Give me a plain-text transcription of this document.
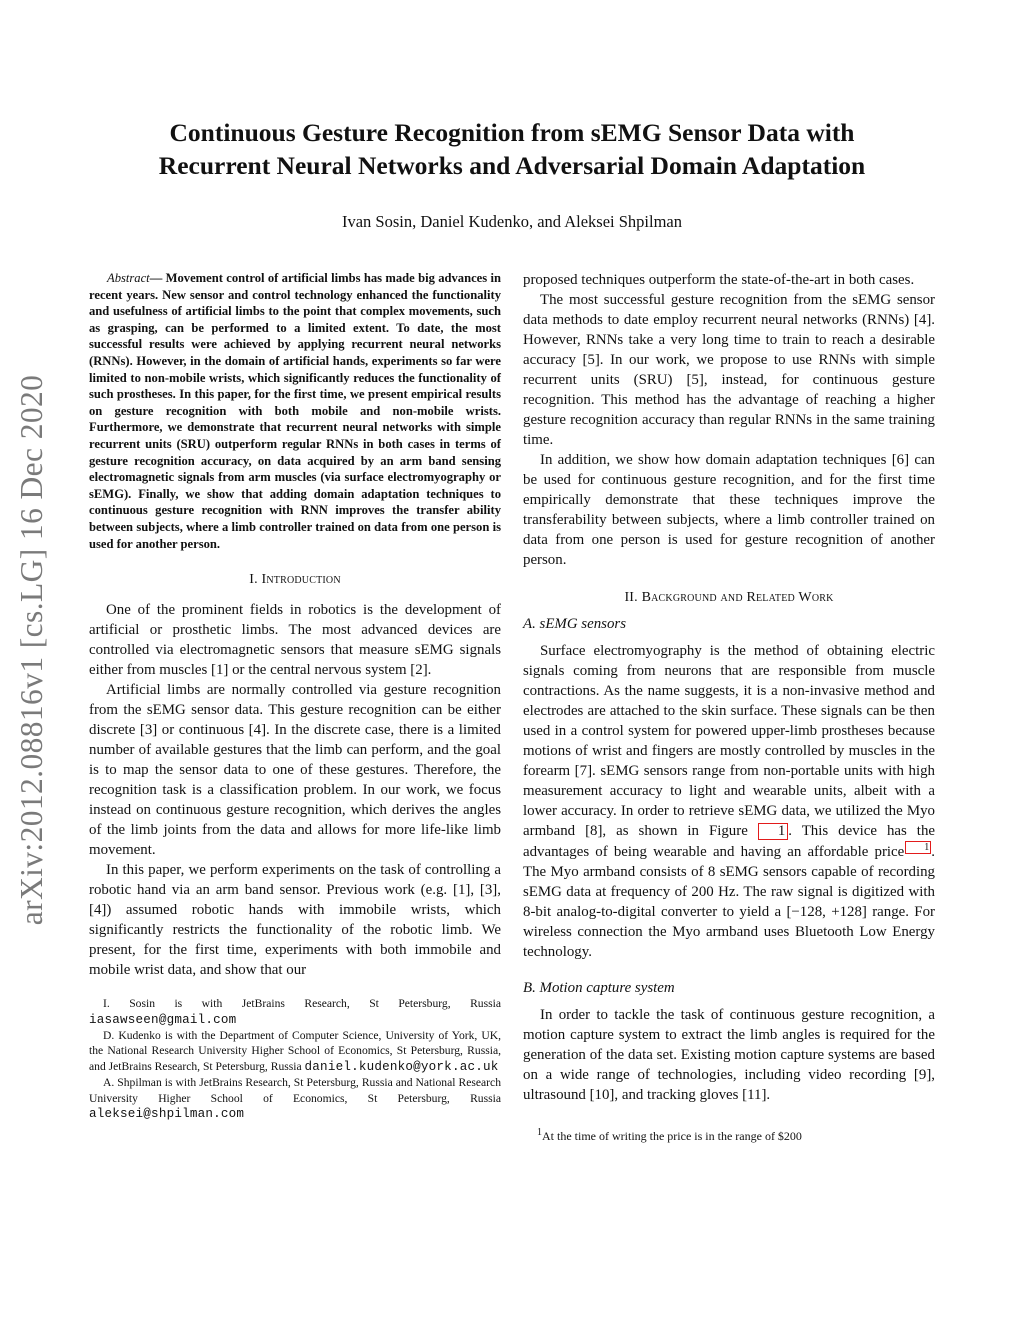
arXiv:2012.08816v1 [cs.LG] 16 Dec 2020
Continuous Gesture Recognition from sEMG Sensor Data with
Recurrent Neural Networks and Adversarial Domain Adaptation
Ivan Sosin, Daniel Kudenko, and Aleksei Shpilman

Abstract— Movement control of artificial limbs has made big advances in recent years. New sensor and control technology enhanced the functionality and usefulness of artificial limbs to the point that complex movements, such as grasping, can be performed to a limited extent. To date, the most successful results were achieved by applying recurrent neural networks (RNNs). However, in the domain of artificial hands, experiments so far were limited to non-mobile wrists, which significantly reduces the functionality of such prostheses. In this paper, for the first time, we present empirical results on gesture recognition with both mobile and non-mobile wrists. Furthermore, we demonstrate that recurrent neural networks with simple recurrent units (SRU) outperform regular RNNs in both cases in terms of gesture recognition accuracy, on data acquired by an arm band sensing electromagnetic signals from arm muscles (via surface electromyography or sEMG). Finally, we show that adding domain adaptation techniques to continuous gesture recognition with RNN improves the transfer ability between subjects, where a limb controller trained on data from one person is used for another person.

I. Introduction

One of the prominent fields in robotics is the development of artificial or prosthetic limbs. The most advanced devices are controlled via electromagnetic sensors that measure sEMG signals either from muscles [1] or the central nervous system [2].

Artificial limbs are normally controlled via gesture recognition from the sEMG sensor data. This gesture recognition can be either discrete [3] or continuous [4]. In the discrete case, there is a limited number of available gestures that the limb can perform, and the goal is to map the sensor data to one of these gestures. Therefore, the recognition task is a classification problem. In our work, we focus instead on continuous gesture recognition, which derives the angles of the limb joints from the data and allows for more life-like limb movement.

In this paper, we perform experiments on the task of controlling a robotic hand via an arm band sensor. Previous work (e.g. [1], [3], [4]) assumed robotic hands with immobile wrists, which significantly restricts the functionality of the robotic limb. We present, for the first time, experiments with both immobile and mobile wrist data, and show that our

I. Sosin is with JetBrains Research, St Petersburg, Russia iasawseen@gmail.com

D. Kudenko is with the Department of Computer Science, University of York, UK, the National Research University Higher School of Economics, St Petersburg, Russia, and JetBrains Research, St Petersburg, Russia daniel.kudenko@york.ac.uk

A. Shpilman is with JetBrains Research, St Petersburg, Russia and National Research University Higher School of Economics, St Petersburg, Russia aleksei@shpilman.com

proposed techniques outperform the state-of-the-art in both cases.

The most successful gesture recognition from the sEMG sensor data methods to date employ recurrent neural networks (RNNs) [4]. However, RNNs take a very long time to train to reach a desirable accuracy [5]. In our work, we propose to use RNNs with simple recurrent units (SRU) [5], instead, for continuous gesture recognition. This method has the advantage of reaching a higher gesture recognition accuracy than regular RNNs in the same training time.

In addition, we show how domain adaptation techniques [6] can be used for continuous gesture recognition, and for the first time empirically demonstrate that these techniques improve the transferability between subjects, where a limb controller trained on data from one person is used for gesture recognition of another person.

II. Background and Related Work

A. sEMG sensors

Surface electromyography is the method of obtaining electric signals coming from neurons that are responsible from muscle contractions. As the name suggests, it is a non-invasive method and electrodes are attached to the skin surface. These signals can be then used in a control system for powered upper-limb prostheses because motions of wrist and fingers are mostly controlled by muscles in the forearm [7]. sEMG sensors range from non-portable units with high measurement accuracy to light and wearable units, albeit with a lower accuracy. In order to retrieve sEMG data, we utilized the Myo armband [8], as shown in Figure 1 . This device has the advantages of being wearable and having an affordable price 1 . The Myo armband consists of 8 sEMG sensors capable of recording sEMG data at frequency of 200 Hz. The raw signal is digitized with 8-bit analog-to-digital converter to yield a [−128, +128] range. For wireless connection the Myo armband uses Bluetooth Low Energy technology.

B. Motion capture system

In order to tackle the task of continuous gesture recognition, a motion capture system to extract the limb angles is required for the generation of the data set. Existing motion capture systems are based on a wide range of technologies, including video recording [9], ultrasound [10], and tracking gloves [11].

$^1$At the time of writing the price is in the range of $200
